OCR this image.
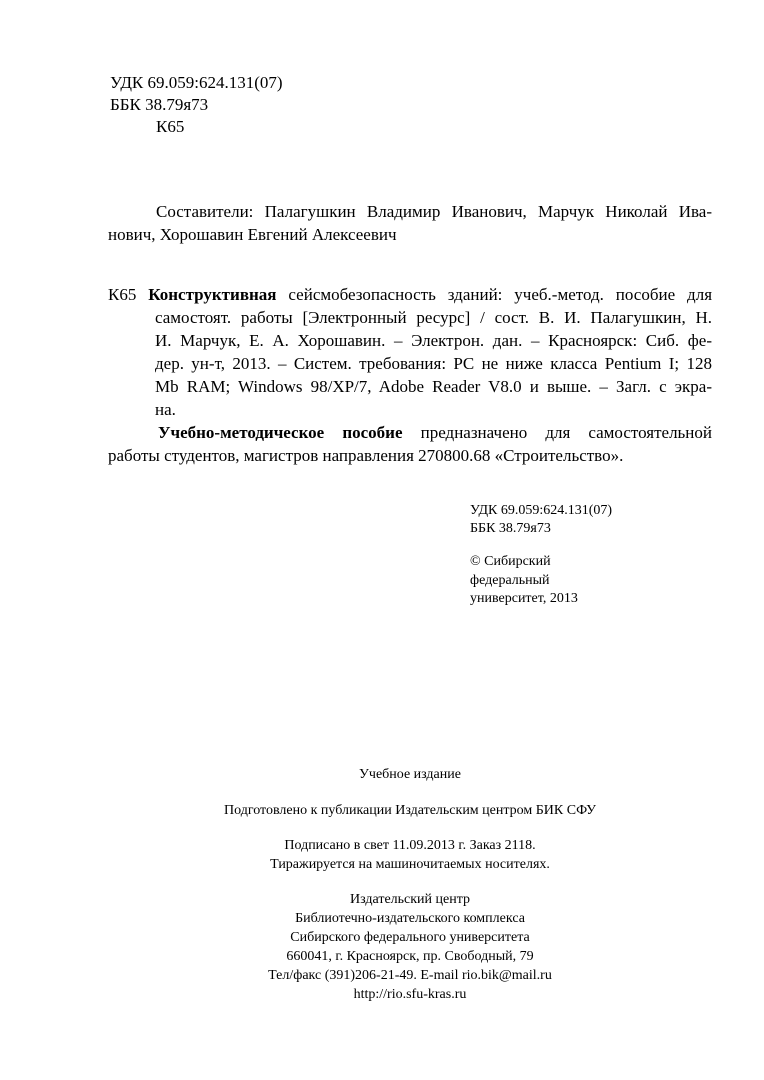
УДК 69.059:624.131(07)
ББК 38.79я73
К65
Составители: Палагушкин Владимир Иванович, Марчук Николай Ива-
нович, Хорошавин Евгений Алексеевич
К65 Конструктивная сейсмобезопасность зданий: учеб.-метод. пособие для
самостоят. работы [Электронный ресурс] / сост. В. И. Палагушкин, Н.
И. Марчук, Е. А. Хорошавин. – Электрон. дан. – Красноярск: Сиб. фе-
дер. ун-т, 2013. – Систем. требования: PC не ниже класса Pentium I; 128
Mb RAM; Windows 98/XP/7, Adobe Reader V8.0 и выше. – Загл. с экра-
на.
Учебно-методическое пособие предназначено для самостоятельной
работы студентов, магистров направления 270800.68 «Строительство».
УДК 69.059:624.131(07)
ББК 38.79я73
© Сибирский
федеральный
университет, 2013
Учебное издание
Подготовлено к публикации Издательским центром БИК СФУ
Подписано в свет 11.09.2013 г. Заказ 2118.
Тиражируется на машиночитаемых носителях.
Издательский центр
Библиотечно-издательского комплекса
Сибирского федерального университета
660041, г. Красноярск, пр. Свободный, 79
Тел/факс (391)206-21-49. E-mail rio.bik@mail.ru
http://rio.sfu-kras.ru
